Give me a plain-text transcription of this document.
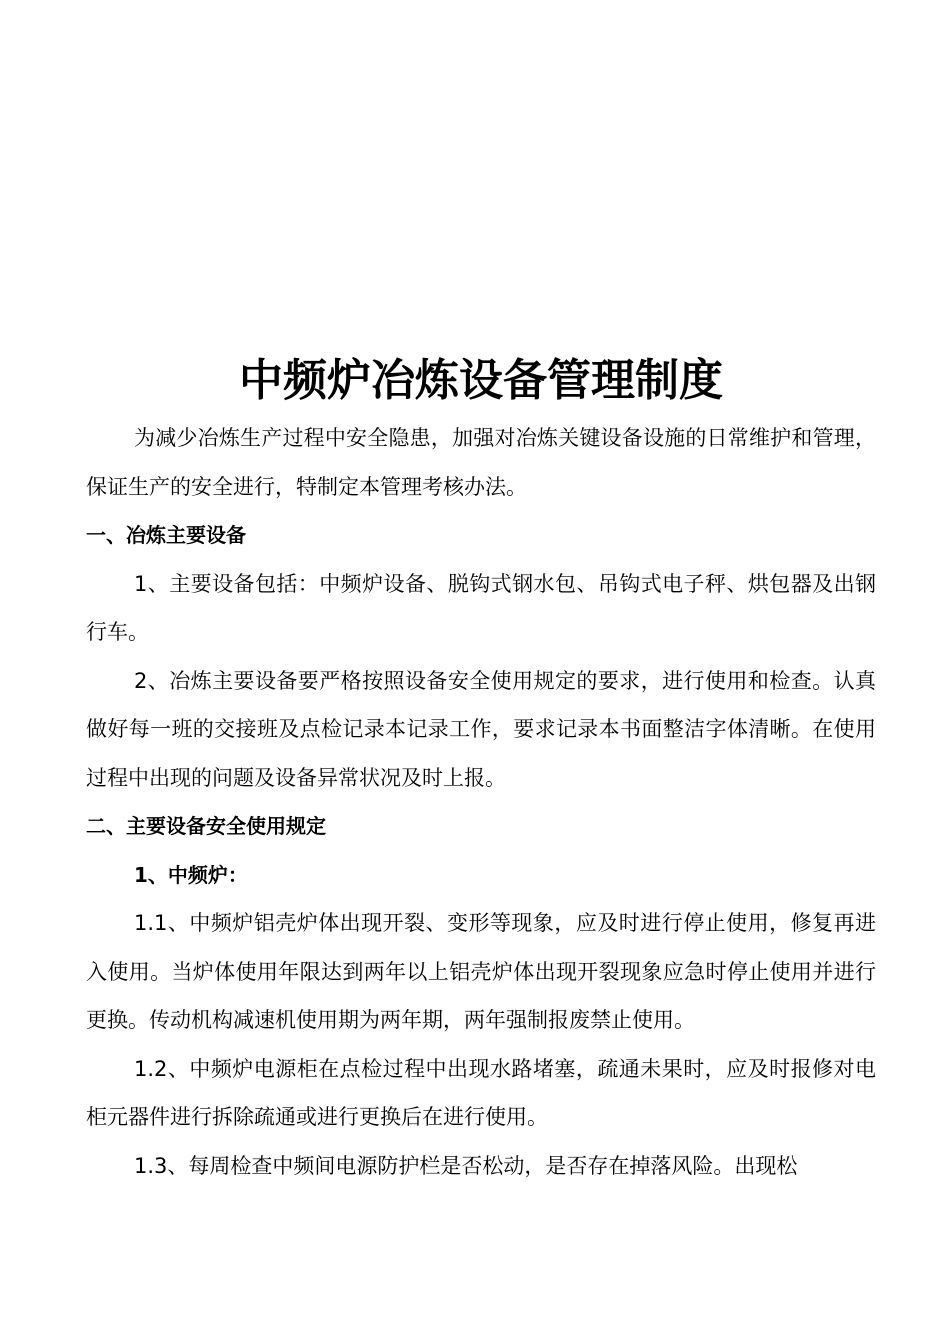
中频炉冶炼设备管理制度

为减少冶炼生产过程中安全隐患，加强对冶炼关键设备设施的日常维护和管理，保证生产的安全进行，特制定本管理考核办法。

一、冶炼主要设备

1、主要设备包括：中频炉设备、脱钩式钢水包、吊钩式电子秤、烘包器及出钢行车。

2、冶炼主要设备要严格按照设备安全使用规定的要求，进行使用和检查。认真做好每一班的交接班及点检记录本记录工作，要求记录本书面整洁字体清晰。在使用过程中出现的问题及设备异常状况及时上报。

二、主要设备安全使用规定
1、中频炉：

1.1、中频炉铝壳炉体出现开裂、变形等现象，应及时进行停止使用，修复再进入使用。当炉体使用年限达到两年以上铝壳炉体出现开裂现象应急时停止使用并进行更换。传动机构减速机使用期为两年期，两年强制报废禁止使用。

1.2、中频炉电源柜在点检过程中出现水路堵塞，疏通未果时，应及时报修对电柜元器件进行拆除疏通或进行更换后在进行使用。

1.3、每周检查中频间电源防护栏是否松动，是否存在掉落风险。出现松
